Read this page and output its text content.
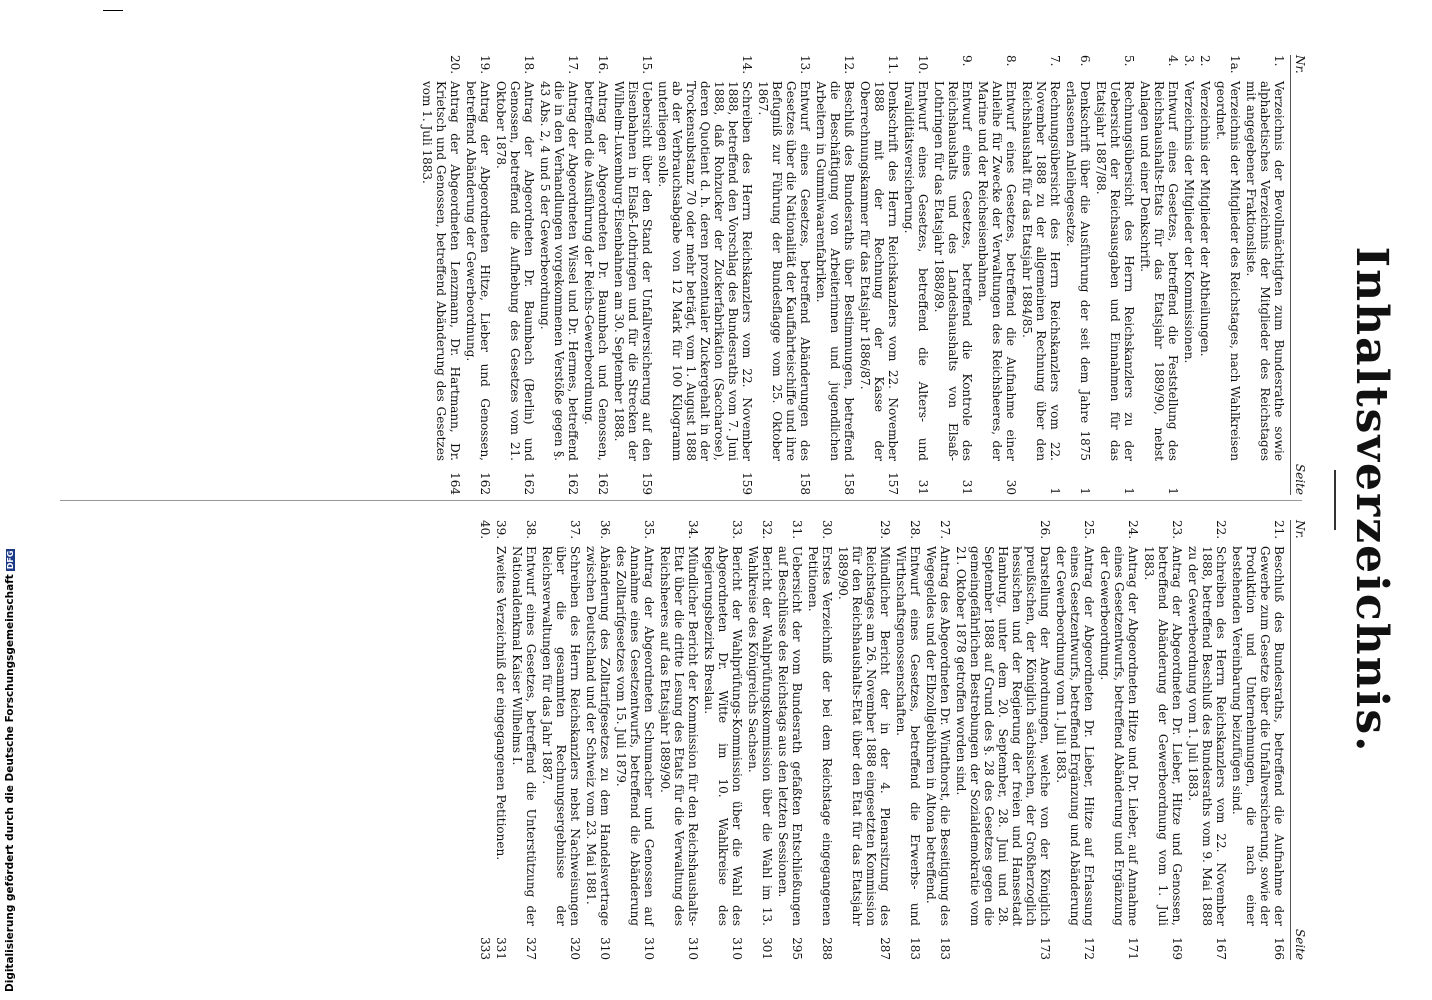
Inhaltsverzeichnis.
Nr.
Seite
1.
Verzeichnis der Bevollmächtigten zum Bundesrathe sowie alphabetisches Verzeichnis der Mitglieder des Reichstages mit angegebener Fraktionsliste.
1a.
Verzeichnis der Mitglieder des Reichstages, nach Wahlkreisen geordnet.
2.
Verzeichnis der Mitglieder der Abtheilungen.
3.
Verzeichnis der Mitglieder der Kommissionen.
4.
Entwurf eines Gesetzes, betreffend die Feststellung des Reichshaushalts-Etats für das Etatsjahr 1889/90, nebst Anlagen und einer Denkschrift.
1
5.
Rechnungsübersicht des Herrn Reichskanzlers zu der Uebersicht der Reichsausgaben und Einnahmen für das Etatsjahr 1887/88.
1
6.
Denkschrift über die Ausführung der seit dem Jahre 1875 erlassenen Anleihegesetze.
1
7.
Rechnungsübersicht des Herrn Reichskanzlers vom 22. November 1888 zu der allgemeinen Rechnung über den Reichshaushalt für das Etatsjahr 1884/85.
1
8.
Entwurf eines Gesetzes, betreffend die Aufnahme einer Anleihe für Zwecke der Verwaltungen des Reichsheeres, der Marine und der Reichseisenbahnen.
30
9.
Entwurf eines Gesetzes, betreffend die Kontrole des Reichshaushalts und des Landeshaushalts von Elsaß-Lothringen für das Etatsjahr 1888/89.
31
10.
Entwurf eines Gesetzes, betreffend die Alters- und Invaliditätsversicherung.
31
11.
Denkschrift des Herrn Reichskanzlers vom 22. November 1888 mit der Rechnung der Kasse der Oberrechnungskammer für das Etatsjahr 1886/87.
157
12.
Beschluß des Bundesraths über Bestimmungen, betreffend die Beschäftigung von Arbeiterinnen und jugendlichen Arbeitern in Gummiwaarenfabriken.
158
13.
Entwurf eines Gesetzes, betreffend Abänderungen des Gesetzes über die Nationalität der Kauffahrteischiffe und ihre Befugniß zur Führung der Bundesflagge vom 25. Oktober 1867.
158
14.
Schreiben des Herrn Reichskanzlers vom 22. November 1888, betreffend den Vorschlag des Bundesraths vom 7. Juni 1888, daß Rohzucker der Zuckerfabrikation (Saccharose), deren Quotient d. h. deren prozentualer Zuckergehalt in der Trockensubstanz 70 oder mehr beträgt, vom 1. August 1888 ab der Verbrauchsabgabe von 12 Mark für 100 Kilogramm unterliegen solle.
159
15.
Uebersicht über den Stand der Unfallversicherung auf den Eisenbahnen in Elsaß-Lothringen und für die Strecken der Wilhelm-Luxemburg-Eisenbahnen am 30. September 1888.
159
16.
Antrag der Abgeordneten Dr. Baumbach und Genossen, betreffend die Ausführung der Reichs-Gewerbeordnung.
162
17.
Antrag der Abgeordneten Wissel und Dr. Hermes, betreffend die in den Verhandlungen vorgekommenen Verstöße gegen §. 43 Abs. 2, 4 und 5 der Gewerbeordnung.
162
18.
Antrag der Abgeordneten Dr. Baumbach (Berlin) und Genossen, betreffend die Aufhebung des Gesetzes vom 21. Oktober 1878.
162
19.
Antrag der Abgeordneten Hitze, Lieber und Genossen, betreffend Abänderung der Gewerbeordnung.
162
20.
Antrag der Abgeordneten Lenzmann, Dr. Hartmann, Dr. Krietsch und Genossen, betreffend Abänderung des Gesetzes vom 1. Juli 1883.
164
Nr.
Seite
21.
Beschluß des Bundesraths, betreffend die Aufnahme der Gewerbe zum Gesetze über die Unfallversicherung, sowie der Produktion und Unternehmungen, die nach einer bestehenden Vereinbarung beizufügen sind.
166
22.
Schreiben des Herrn Reichskanzlers vom 22. November 1888, betreffend Beschluß des Bundesraths vom 9. Mai 1888 zu der Gewerbeordnung vom 1. Juli 1883.
167
23.
Antrag der Abgeordneten Dr. Lieber, Hitze und Genossen, betreffend Abänderung der Gewerbeordnung vom 1. Juli 1883.
169
24.
Antrag der Abgeordneten Hitze und Dr. Lieber, auf Annahme eines Gesetzentwurfs, betreffend Abänderung und Ergänzung der Gewerbeordnung.
171
25.
Antrag der Abgeordneten Dr. Lieber, Hitze auf Erlassung eines Gesetzentwurfs, betreffend Ergänzung und Abänderung der Gewerbeordnung vom 1. Juli 1883.
172
26.
Darstellung der Anordnungen, welche von der Königlich preußischen, der Königlich sächsischen, der Großherzoglich hessischen und der Regierung der freien und Hansestadt Hamburg, unter dem 20. September, 28. Juni und 28. September 1888 auf Grund des §. 28 des Gesetzes gegen die gemeingefährlichen Bestrebungen der Sozialdemokratie vom 21. Oktober 1878 getroffen worden sind.
173
27.
Antrag des Abgeordneten Dr. Windthorst, die Beseitigung des Wegegeldes und der Elbzollgebühren in Altona betreffend.
183
28.
Entwurf eines Gesetzes, betreffend die Erwerbs- und Wirthschaftsgenossenschaften.
183
29.
Mündlicher Bericht der in der 4. Plenarsitzung des Reichstages am 26. November 1888 eingesetzten Kommission für den Reichshaushalts-Etat über den Etat für das Etatsjahr 1889/90.
287
30.
Erstes Verzeichniß der bei dem Reichstage eingegangenen Petitionen.
288
31.
Uebersicht der vom Bundesrath gefaßten Entschließungen auf Beschlüsse des Reichstags aus den letzten Sessionen.
295
32.
Bericht der Wahlprüfungskommission über die Wahl im 13. Wahlkreise des Königreichs Sachsen.
301
33.
Bericht der Wahlprüfungs-Kommission über die Wahl des Abgeordneten Dr. Witte im 10. Wahlkreise des Regierungsbezirks Breslau.
310
34.
Mündlicher Bericht der Kommission für den Reichshaushalts-Etat über die dritte Lesung des Etats für die Verwaltung des Reichsheeres auf das Etatsjahr 1889/90.
310
35.
Antrag der Abgeordneten Schumacher und Genossen auf Annahme eines Gesetzentwurfs, betreffend die Abänderung des Zolltarifgesetzes vom 15. Juli 1879.
310
36.
Abänderung des Zolltarifgesetzes zu dem Handelsvertrage zwischen Deutschland und der Schweiz vom 23. Mai 1881.
310
37.
Schreiben des Herrn Reichskanzlers nebst Nachweisungen über die gesammten Rechnungsergebnisse der Reichsverwaltungen für das Jahr 1887.
320
38.
Entwurf eines Gesetzes, betreffend die Unterstützung der Nationaldenkmal Kaiser Wilhelms I.
327
39.
Zweites Verzeichniß der eingegangenen Petitionen.
331
40.
333
Digitalisierung gefördert durch die Deutsche ForschungsgemeinschaftDFG
